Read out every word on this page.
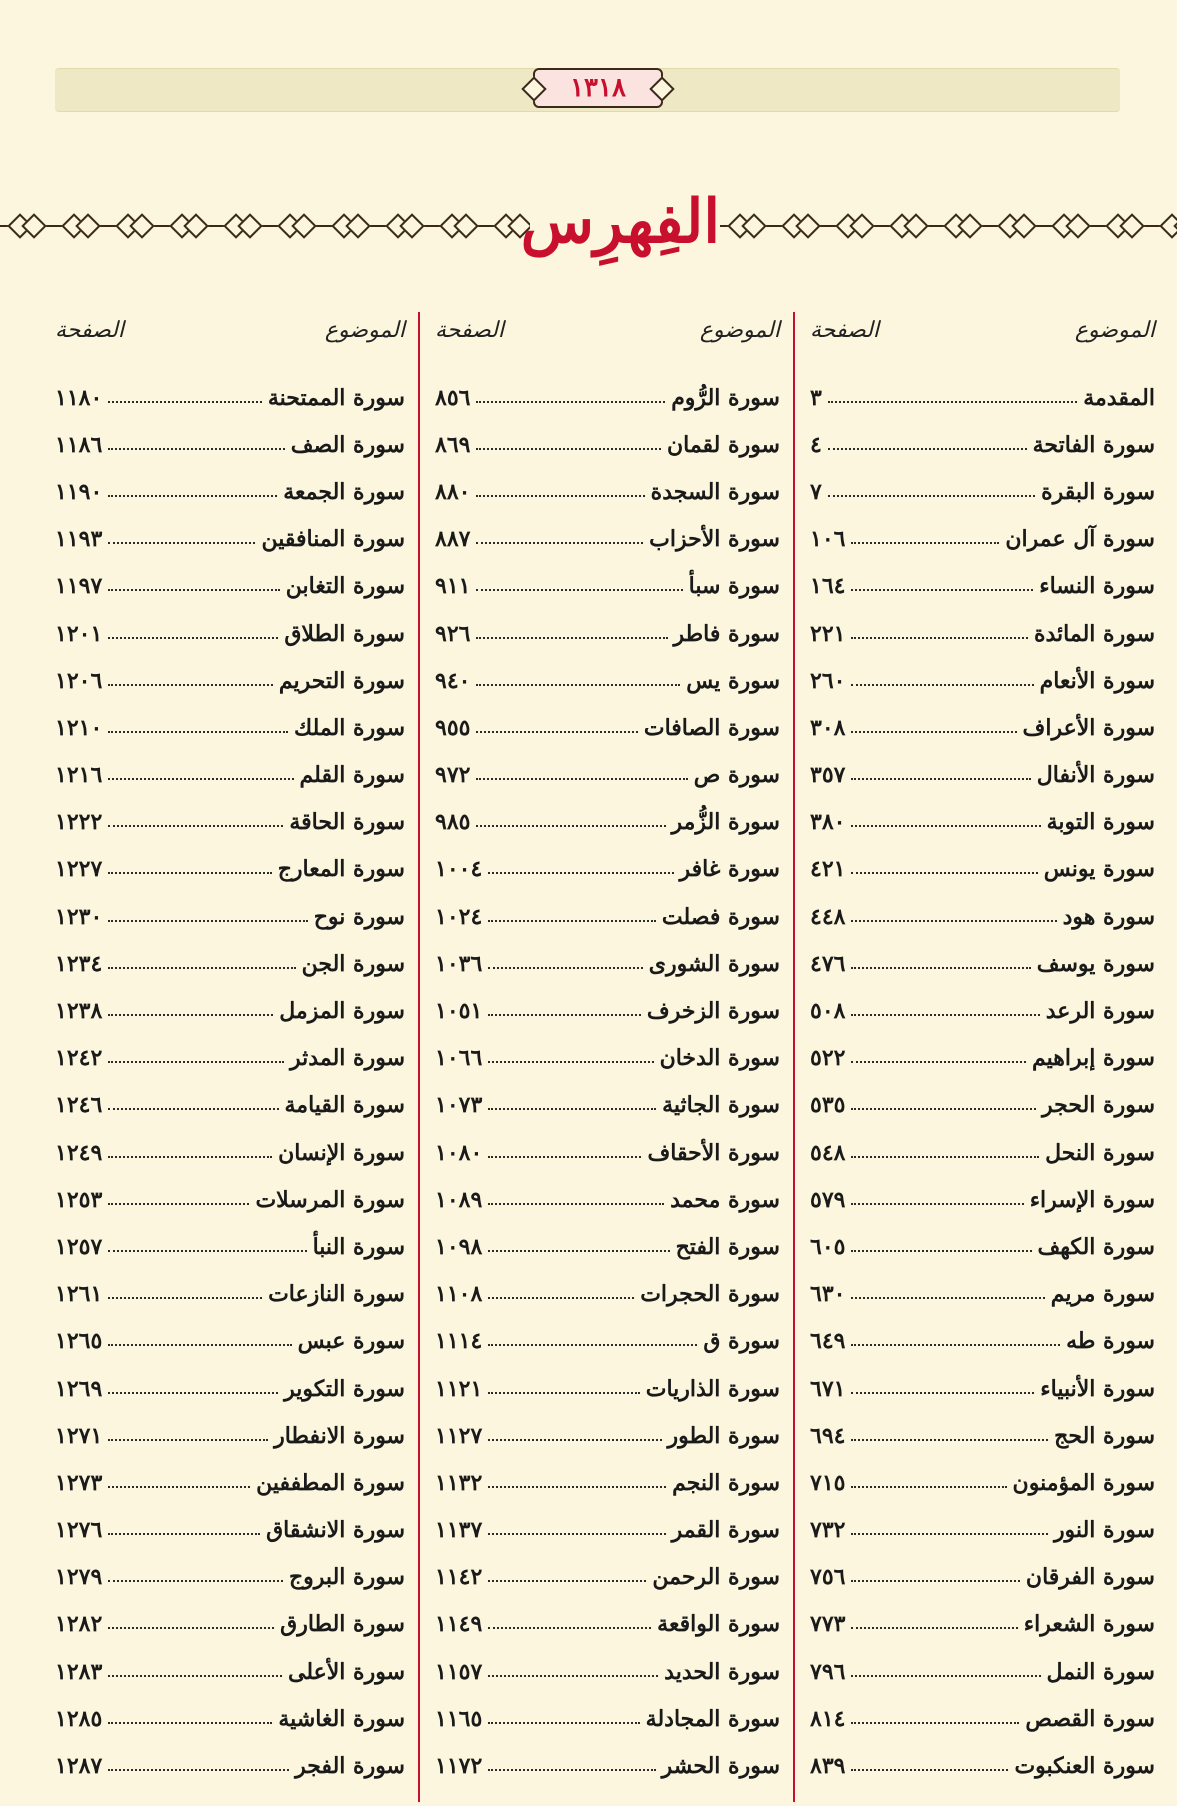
١٣١٨
الفِهرِس
الموضوع
الصفحة
المقدمة
٣
سورة الفاتحة
٤
سورة البقرة
٧
سورة آل عمران
١٠٦
سورة النساء
١٦٤
سورة المائدة
٢٢١
سورة الأنعام
٢٦٠
سورة الأعراف
٣٠٨
سورة الأنفال
٣٥٧
سورة التوبة
٣٨٠
سورة يونس
٤٢١
سورة هود
٤٤٨
سورة يوسف
٤٧٦
سورة الرعد
٥٠٨
سورة إبراهيم
٥٢٢
سورة الحجر
٥٣٥
سورة النحل
٥٤٨
سورة الإسراء
٥٧٩
سورة الكهف
٦٠٥
سورة مريم
٦٣٠
سورة طه
٦٤٩
سورة الأنبياء
٦٧١
سورة الحج
٦٩٤
سورة المؤمنون
٧١٥
سورة النور
٧٣٢
سورة الفرقان
٧٥٦
سورة الشعراء
٧٧٣
سورة النمل
٧٩٦
سورة القصص
٨١٤
سورة العنكبوت
٨٣٩
الموضوع
الصفحة
سورة الرُّوم
٨٥٦
سورة لقمان
٨٦٩
سورة السجدة
٨٨٠
سورة الأحزاب
٨٨٧
سورة سبأ
٩١١
سورة فاطر
٩٢٦
سورة يس
٩٤٠
سورة الصافات
٩٥٥
سورة ص
٩٧٢
سورة الزُّمر
٩٨٥
سورة غافر
١٠٠٤
سورة فصلت
١٠٢٤
سورة الشورى
١٠٣٦
سورة الزخرف
١٠٥١
سورة الدخان
١٠٦٦
سورة الجاثية
١٠٧٣
سورة الأحقاف
١٠٨٠
سورة محمد
١٠٨٩
سورة الفتح
١٠٩٨
سورة الحجرات
١١٠٨
سورة ق
١١١٤
سورة الذاريات
١١٢١
سورة الطور
١١٢٧
سورة النجم
١١٣٢
سورة القمر
١١٣٧
سورة الرحمن
١١٤٢
سورة الواقعة
١١٤٩
سورة الحديد
١١٥٧
سورة المجادلة
١١٦٥
سورة الحشر
١١٧٢
الموضوع
الصفحة
سورة الممتحنة
١١٨٠
سورة الصف
١١٨٦
سورة الجمعة
١١٩٠
سورة المنافقين
١١٩٣
سورة التغابن
١١٩٧
سورة الطلاق
١٢٠١
سورة التحريم
١٢٠٦
سورة الملك
١٢١٠
سورة القلم
١٢١٦
سورة الحاقة
١٢٢٢
سورة المعارج
١٢٢٧
سورة نوح
١٢٣٠
سورة الجن
١٢٣٤
سورة المزمل
١٢٣٨
سورة المدثر
١٢٤٢
سورة القيامة
١٢٤٦
سورة الإنسان
١٢٤٩
سورة المرسلات
١٢٥٣
سورة النبأ
١٢٥٧
سورة النازعات
١٢٦١
سورة عبس
١٢٦٥
سورة التكوير
١٢٦٩
سورة الانفطار
١٢٧١
سورة المطففين
١٢٧٣
سورة الانشقاق
١٢٧٦
سورة البروج
١٢٧٩
سورة الطارق
١٢٨٢
سورة الأعلى
١٢٨٣
سورة الغاشية
١٢٨٥
سورة الفجر
١٢٨٧
